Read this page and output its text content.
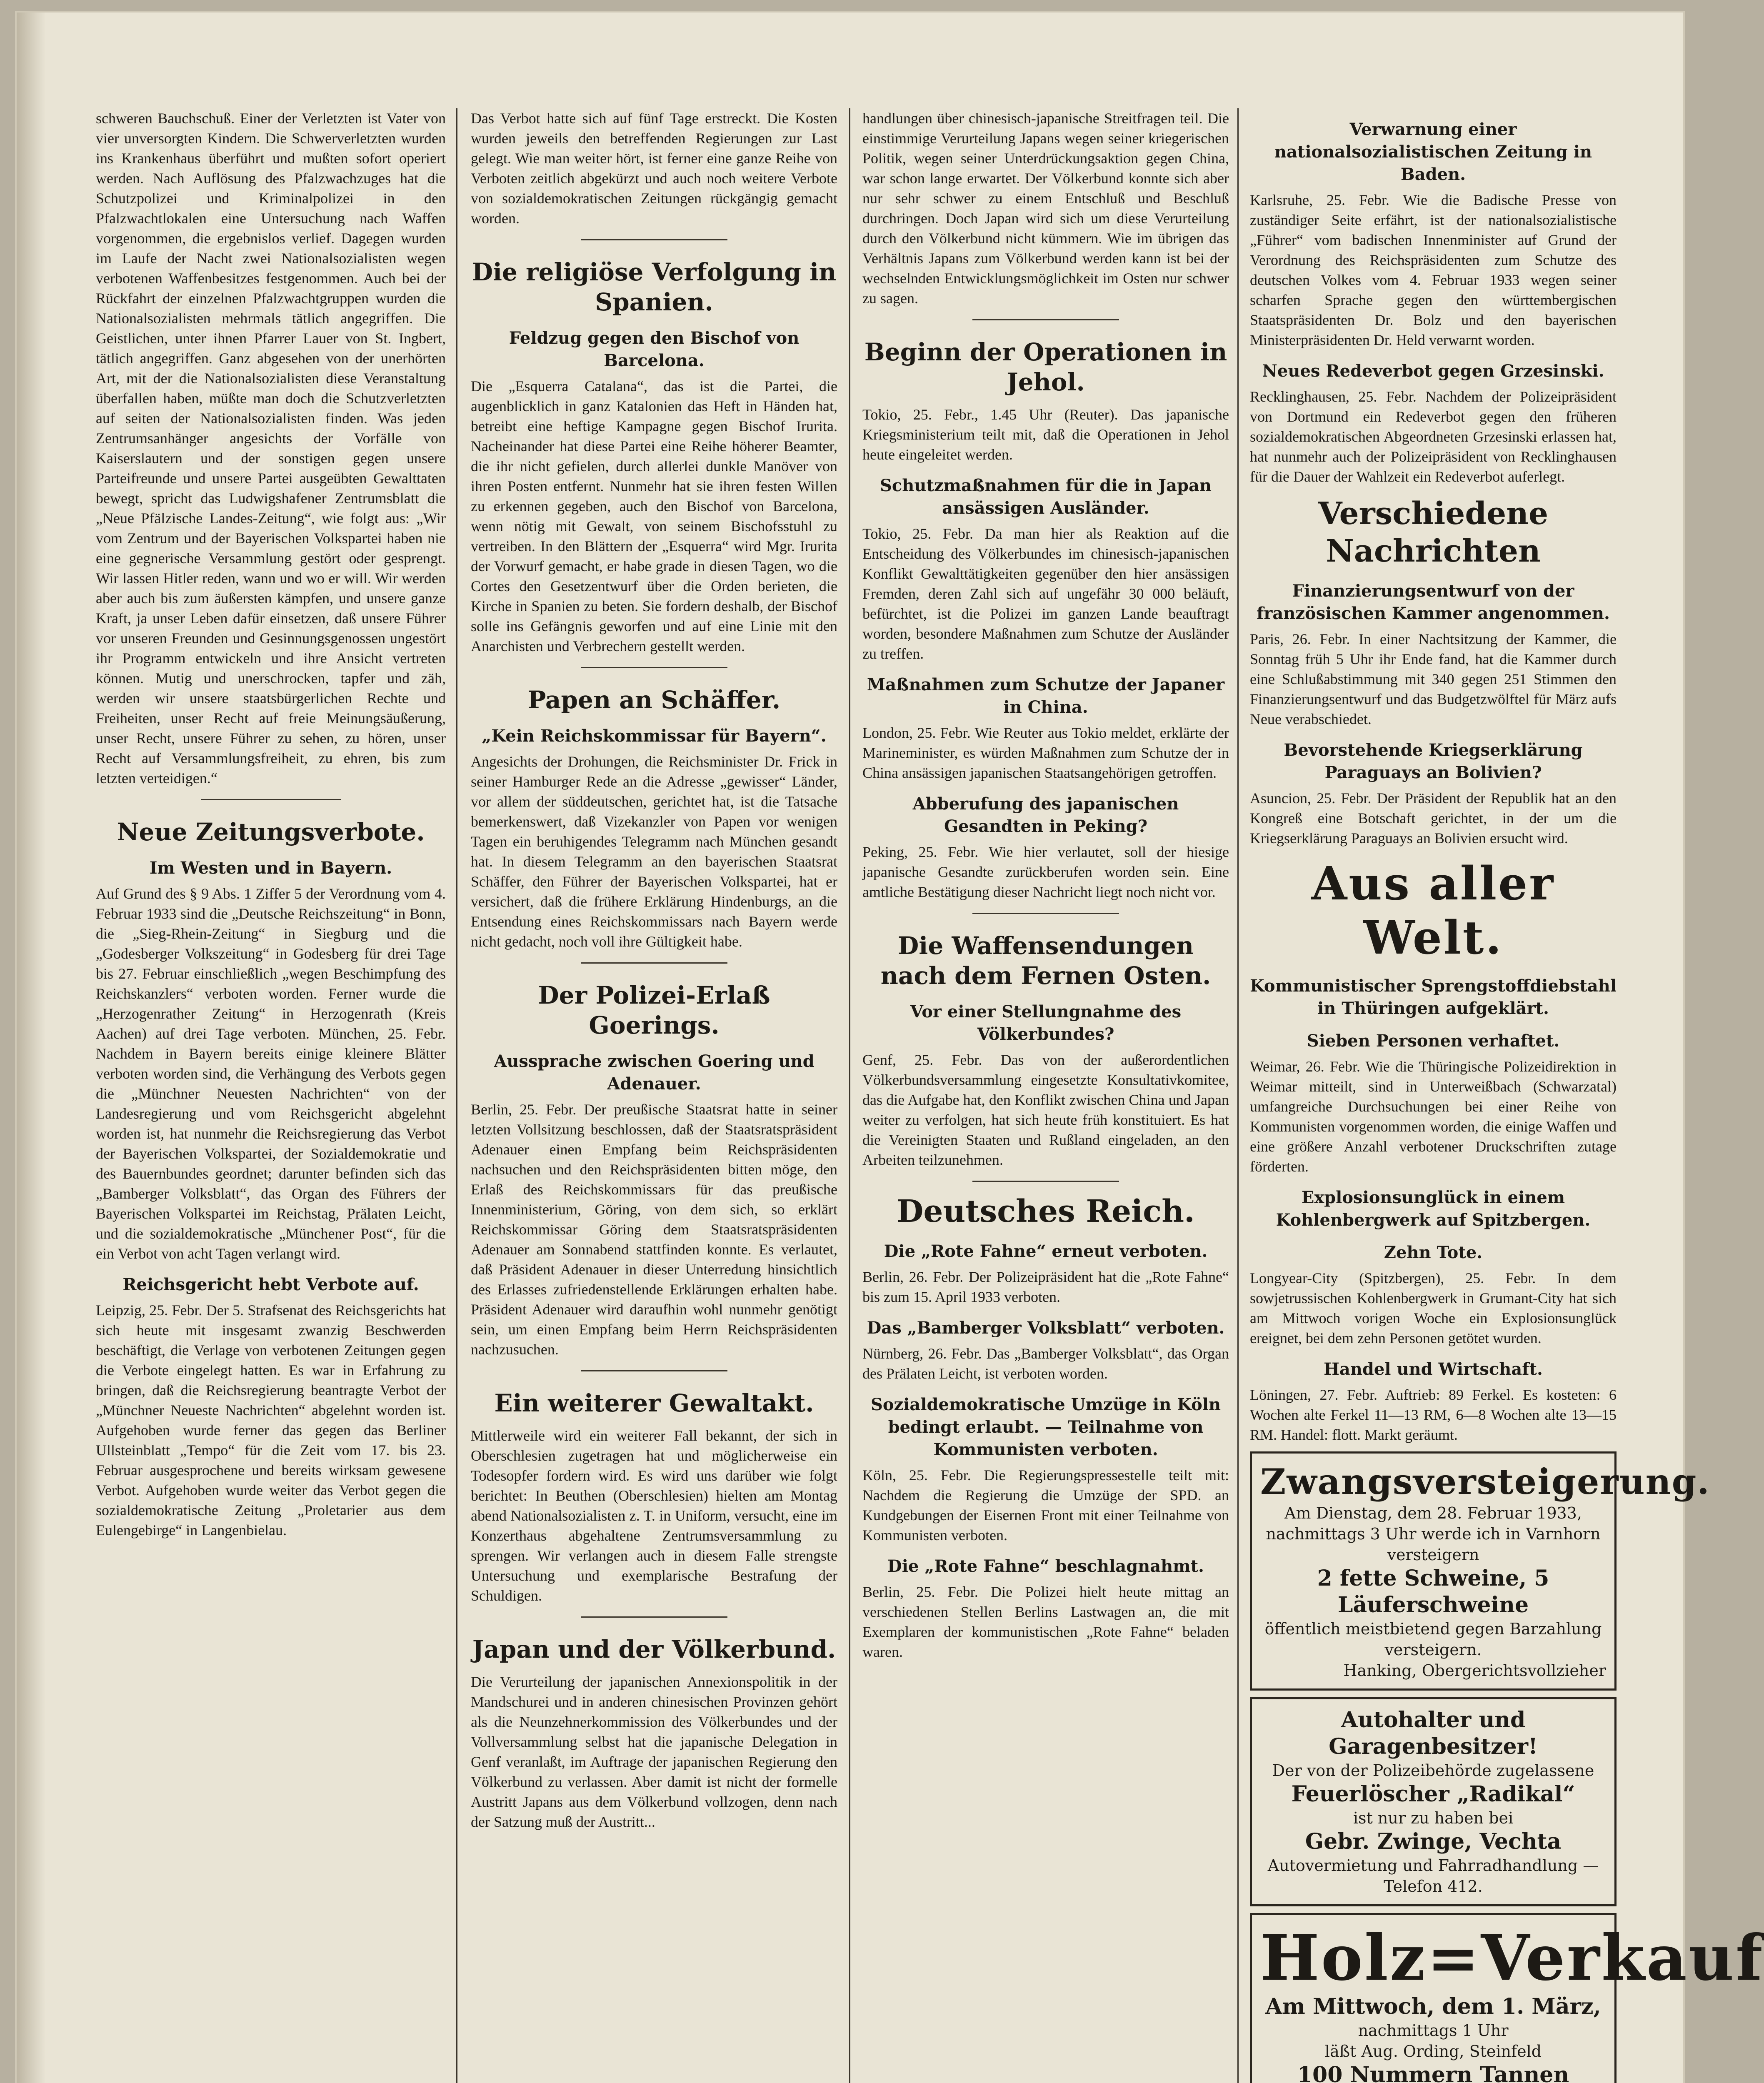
schweren Bauchschuß. Einer der Verletzten ist Vater von vier unversorgten Kindern. Die Schwerverletzten wurden ins Krankenhaus überführt und mußten sofort operiert werden. Nach Auflösung des Pfalzwachzuges hat die Schutzpolizei und Kriminalpolizei in den Pfalzwachtlokalen eine Untersuchung nach Waffen vorgenommen, die ergebnislos verlief. Dagegen wurden im Laufe der Nacht zwei Nationalsozialisten wegen verbotenen Waffenbesitzes festgenommen. Auch bei der Rückfahrt der einzelnen Pfalzwachtgruppen wurden die Nationalsozialisten mehrmals tätlich angegriffen. Die Geistlichen, unter ihnen Pfarrer Lauer von St. Ingbert, tätlich angegriffen. Ganz abgesehen von der unerhörten Art, mit der die Nationalsozialisten diese Veranstaltung überfallen haben, müßte man doch die Schutzverletzten auf seiten der Nationalsozialisten finden. Was jeden Zentrumsanhänger angesichts der Vorfälle von Kaiserslautern und der sonstigen gegen unsere Parteifreunde und unsere Partei ausgeübten Gewalttaten bewegt, spricht das Ludwigshafener Zentrumsblatt die „Neue Pfälzische Landes-Zeitung“, wie folgt aus: „Wir vom Zentrum und der Bayerischen Volkspartei haben nie eine gegnerische Versammlung gestört oder gesprengt. Wir lassen Hitler reden, wann und wo er will. Wir werden aber auch bis zum äußersten kämpfen, und unsere ganze Kraft, ja unser Leben dafür einsetzen, daß unsere Führer vor unseren Freunden und Gesinnungsgenossen ungestört ihr Programm entwickeln und ihre Ansicht vertreten können. Mutig und unerschrocken, tapfer und zäh, werden wir unsere staatsbürgerlichen Rechte und Freiheiten, unser Recht auf freie Meinungsäußerung, unser Recht, unsere Führer zu sehen, zu hören, unser Recht auf Versammlungsfreiheit, zu ehren, bis zum letzten verteidigen.“

Neue Zeitungsverbote.
Im Westen und in Bayern.

Auf Grund des § 9 Abs. 1 Ziffer 5 der Verordnung vom 4. Februar 1933 sind die „Deutsche Reichszeitung“ in Bonn, die „Sieg-Rhein-Zeitung“ in Siegburg und die „Godesberger Volkszeitung“ in Godesberg für drei Tage bis 27. Februar einschließlich „wegen Beschimpfung des Reichskanzlers“ verboten worden. Ferner wurde die „Herzogenrather Zeitung“ in Herzogenrath (Kreis Aachen) auf drei Tage verboten. München, 25. Febr. Nachdem in Bayern bereits einige kleinere Blätter verboten worden sind, die Verhängung des Verbots gegen die „Münchner Neuesten Nachrichten“ von der Landesregierung und vom Reichsgericht abgelehnt worden ist, hat nunmehr die Reichsregierung das Verbot der Bayerischen Volkspartei, der Sozialdemokratie und des Bauernbundes geordnet; darunter befinden sich das „Bamberger Volksblatt“, das Organ des Führers der Bayerischen Volkspartei im Reichstag, Prälaten Leicht, und die sozialdemokratische „Münchener Post“, für die ein Verbot von acht Tagen verlangt wird.

Reichsgericht hebt Verbote auf.

Leipzig, 25. Febr. Der 5. Strafsenat des Reichsgerichts hat sich heute mit insgesamt zwanzig Beschwerden beschäftigt, die Verlage von verbotenen Zeitungen gegen die Verbote eingelegt hatten. Es war in Erfahrung zu bringen, daß die Reichsregierung beantragte Verbot der „Münchner Neueste Nachrichten“ abgelehnt worden ist. Aufgehoben wurde ferner das gegen das Berliner Ullsteinblatt „Tempo“ für die Zeit vom 17. bis 23. Februar ausgesprochene und bereits wirksam gewesene Verbot. Aufgehoben wurde weiter das Verbot gegen die sozialdemokratische Zeitung „Proletarier aus dem Eulengebirge“ in Langenbielau.

Das Verbot hatte sich auf fünf Tage erstreckt. Die Kosten wurden jeweils den betreffenden Regierungen zur Last gelegt. Wie man weiter hört, ist ferner eine ganze Reihe von Verboten zeitlich abgekürzt und auch noch weitere Verbote von sozialdemokratischen Zeitungen rückgängig gemacht worden.

Die religiöse Verfolgung in Spanien.
Feldzug gegen den Bischof von Barcelona.

Die „Esquerra Catalana“, das ist die Partei, die augenblicklich in ganz Katalonien das Heft in Händen hat, betreibt eine heftige Kampagne gegen Bischof Irurita. Nacheinander hat diese Partei eine Reihe höherer Beamter, die ihr nicht gefielen, durch allerlei dunkle Manöver von ihren Posten entfernt. Nunmehr hat sie ihren festen Willen zu erkennen gegeben, auch den Bischof von Barcelona, wenn nötig mit Gewalt, von seinem Bischofsstuhl zu vertreiben. In den Blättern der „Esquerra“ wird Mgr. Irurita der Vorwurf gemacht, er habe grade in diesen Tagen, wo die Cortes den Gesetzentwurf über die Orden berieten, die Kirche in Spanien zu beten. Sie fordern deshalb, der Bischof solle ins Gefängnis geworfen und auf eine Linie mit den Anarchisten und Verbrechern gestellt werden.

Papen an Schäffer.
„Kein Reichskommissar für Bayern“.

Angesichts der Drohungen, die Reichsminister Dr. Frick in seiner Hamburger Rede an die Adresse „gewisser“ Länder, vor allem der süddeutschen, gerichtet hat, ist die Tatsache bemerkenswert, daß Vizekanzler von Papen vor wenigen Tagen ein beruhigendes Telegramm nach München gesandt hat. In diesem Telegramm an den bayerischen Staatsrat Schäffer, den Führer der Bayerischen Volkspartei, hat er versichert, daß die frühere Erklärung Hindenburgs, an die Entsendung eines Reichskommissars nach Bayern werde nicht gedacht, noch voll ihre Gültigkeit habe.

Der Polizei-Erlaß Goerings.
Aussprache zwischen Goering und Adenauer.

Berlin, 25. Febr. Der preußische Staatsrat hatte in seiner letzten Vollsitzung beschlossen, daß der Staatsratspräsident Adenauer einen Empfang beim Reichspräsidenten nachsuchen und den Reichspräsidenten bitten möge, den Erlaß des Reichskommissars für das preußische Innenministerium, Göring, von dem sich, so erklärt Reichskommissar Göring dem Staatsratspräsidenten Adenauer am Sonnabend stattfinden konnte. Es verlautet, daß Präsident Adenauer in dieser Unterredung hinsichtlich des Erlasses zufriedenstellende Erklärungen erhalten habe. Präsident Adenauer wird daraufhin wohl nunmehr genötigt sein, um einen Empfang beim Herrn Reichspräsidenten nachzusuchen.

Ein weiterer Gewaltakt.

Mittlerweile wird ein weiterer Fall bekannt, der sich in Oberschlesien zugetragen hat und möglicherweise ein Todesopfer fordern wird. Es wird uns darüber wie folgt berichtet: In Beuthen (Oberschlesien) hielten am Montag abend Nationalsozialisten z. T. in Uniform, versucht, eine im Konzerthaus abgehaltene Zentrumsversammlung zu sprengen. Wir verlangen auch in diesem Falle strengste Untersuchung und exemplarische Bestrafung der Schuldigen.

Japan und der Völkerbund.

Die Verurteilung der japanischen Annexionspolitik in der Mandschurei und in anderen chinesischen Provinzen gehört als die Neunzehnerkommission des Völkerbundes und der Vollversammlung selbst hat die japanische Delegation in Genf veranlaßt, im Auftrage der japanischen Regierung den Völkerbund zu verlassen. Aber damit ist nicht der formelle Austritt Japans aus dem Völkerbund vollzogen, denn nach der Satzung muß der Austritt...

handlungen über chinesisch-japanische Streitfragen teil. Die einstimmige Verurteilung Japans wegen seiner kriegerischen Politik, wegen seiner Unterdrückungsaktion gegen China, war schon lange erwartet. Der Völkerbund konnte sich aber nur sehr schwer zu einem Entschluß und Beschluß durchringen. Doch Japan wird sich um diese Verurteilung durch den Völkerbund nicht kümmern. Wie im übrigen das Verhältnis Japans zum Völkerbund werden kann ist bei der wechselnden Entwicklungsmöglichkeit im Osten nur schwer zu sagen.

Beginn der Operationen in Jehol.

Tokio, 25. Febr., 1.45 Uhr (Reuter). Das japanische Kriegsministerium teilt mit, daß die Operationen in Jehol heute eingeleitet werden.

Schutzmaßnahmen für die in Japan ansässigen Ausländer.

Tokio, 25. Febr. Da man hier als Reaktion auf die Entscheidung des Völkerbundes im chinesisch-japanischen Konflikt Gewalttätigkeiten gegenüber den hier ansässigen Fremden, deren Zahl sich auf ungefähr 30 000 beläuft, befürchtet, ist die Polizei im ganzen Lande beauftragt worden, besondere Maßnahmen zum Schutze der Ausländer zu treffen.

Maßnahmen zum Schutze der Japaner in China.

London, 25. Febr. Wie Reuter aus Tokio meldet, erklärte der Marineminister, es würden Maßnahmen zum Schutze der in China ansässigen japanischen Staatsangehörigen getroffen.

Abberufung des japanischen Gesandten in Peking?

Peking, 25. Febr. Wie hier verlautet, soll der hiesige japanische Gesandte zurückberufen worden sein. Eine amtliche Bestätigung dieser Nachricht liegt noch nicht vor.

Die Waffensendungen nach dem Fernen Osten.
Vor einer Stellungnahme des Völkerbundes?

Genf, 25. Febr. Das von der außerordentlichen Völkerbundsversammlung eingesetzte Konsultativkomitee, das die Aufgabe hat, den Konflikt zwischen China und Japan weiter zu verfolgen, hat sich heute früh konstituiert. Es hat die Vereinigten Staaten und Rußland eingeladen, an den Arbeiten teilzunehmen.

Deutsches Reich.
Die „Rote Fahne“ erneut verboten.

Berlin, 26. Febr. Der Polizeipräsident hat die „Rote Fahne“ bis zum 15. April 1933 verboten.

Das „Bamberger Volksblatt“ verboten.

Nürnberg, 26. Febr. Das „Bamberger Volksblatt“, das Organ des Prälaten Leicht, ist verboten worden.

Sozialdemokratische Umzüge in Köln bedingt erlaubt. — Teilnahme von Kommunisten verboten.

Köln, 25. Febr. Die Regierungspressestelle teilt mit: Nachdem die Regierung die Umzüge der SPD. an Kundgebungen der Eisernen Front mit einer Teilnahme von Kommunisten verboten.

Die „Rote Fahne“ beschlagnahmt.

Berlin, 25. Febr. Die Polizei hielt heute mittag an verschiedenen Stellen Berlins Lastwagen an, die mit Exemplaren der kommunistischen „Rote Fahne“ beladen waren.

Verwarnung einer nationalsozialistischen Zeitung in Baden.

Karlsruhe, 25. Febr. Wie die Badische Presse von zuständiger Seite erfährt, ist der nationalsozialistische „Führer“ vom badischen Innenminister auf Grund der Verordnung des Reichspräsidenten zum Schutze des deutschen Volkes vom 4. Februar 1933 wegen seiner scharfen Sprache gegen den württembergischen Staatspräsidenten Dr. Bolz und den bayerischen Ministerpräsidenten Dr. Held verwarnt worden.

Neues Redeverbot gegen Grzesinski.

Recklinghausen, 25. Febr. Nachdem der Polizeipräsident von Dortmund ein Redeverbot gegen den früheren sozialdemokratischen Abgeordneten Grzesinski erlassen hat, hat nunmehr auch der Polizeipräsident von Recklinghausen für die Dauer der Wahlzeit ein Redeverbot auferlegt.

Verschiedene Nachrichten
Finanzierungsentwurf von der französischen Kammer angenommen.

Paris, 26. Febr. In einer Nachtsitzung der Kammer, die Sonntag früh 5 Uhr ihr Ende fand, hat die Kammer durch eine Schlußabstimmung mit 340 gegen 251 Stimmen den Finanzierungsentwurf und das Budgetzwölftel für März aufs Neue verabschiedet.

Bevorstehende Kriegserklärung Paraguays an Bolivien?

Asuncion, 25. Febr. Der Präsident der Republik hat an den Kongreß eine Botschaft gerichtet, in der um die Kriegserklärung Paraguays an Bolivien ersucht wird.

Aus aller Welt.
Kommunistischer Sprengstoffdiebstahl in Thüringen aufgeklärt.
Sieben Personen verhaftet.

Weimar, 26. Febr. Wie die Thüringische Polizeidirektion in Weimar mitteilt, sind in Unterweißbach (Schwarzatal) umfangreiche Durchsuchungen bei einer Reihe von Kommunisten vorgenommen worden, die einige Waffen und eine größere Anzahl verbotener Druckschriften zutage förderten.

Explosionsunglück in einem Kohlenbergwerk auf Spitzbergen.
Zehn Tote.

Longyear-City (Spitzbergen), 25. Febr. In dem sowjetrussischen Kohlenbergwerk in Grumant-City hat sich am Mittwoch vorigen Woche ein Explosionsunglück ereignet, bei dem zehn Personen getötet wurden.

Handel und Wirtschaft.

Löningen, 27. Febr. Auftrieb: 89 Ferkel. Es kosteten: 6 Wochen alte Ferkel 11—13 RM, 6—8 Wochen alte 13—15 RM. Handel: flott. Markt geräumt.

Zwangsversteigerung.
Am Dienstag, dem 28. Februar 1933, nachmittags 3 Uhr werde ich in Varnhorn versteigern
2 fette Schweine, 5 Läuferschweine
öffentlich meistbietend gegen Barzahlung versteigern.
Hanking, Obergerichtsvollzieher
Autohalter und Garagenbesitzer!
Der von der Polizeibehörde zugelassene
Feuerlöscher „Radikal“
ist nur zu haben bei
Gebr. Zwinge, Vechta
Autovermietung und Fahrradhandlung — Telefon 412.
Holz=Verkauf
Am Mittwoch, dem 1. März,
nachmittags 1 Uhr
läßt Aug. Ording, Steinfeld
100 Nummern Tannen
